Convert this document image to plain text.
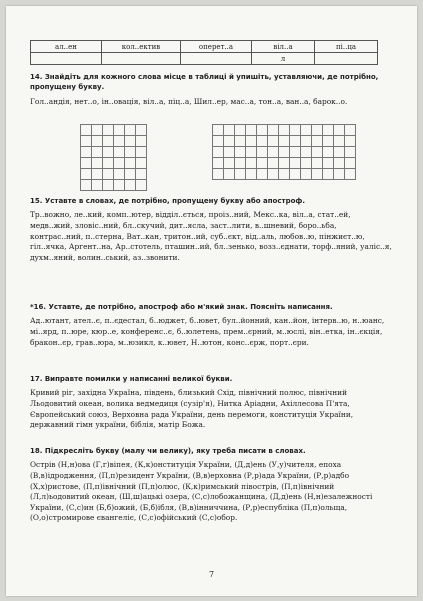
ал..ен	кол..ектив	оперет..а	віл..а	пі..ца
			л	

14. Знайдіть для кожного слова місце в таблиці й упишіть, уставляючи, де потрібно, пропущену букву.

Гол..андія, нет..о, ін..овація, віл..а, піц..а, Шил..ер, мас..а, тон..а, ван..а, барок..о.

15. Уставте в словах, де потрібно, пропущену букву або апостроф.

Тр..вожно, ле..кий, комп..ютер, відділ..ється, проіз..ний, Мекс..ка, віл..а, стат..ей, медв..жий, зловіс..ний, бл..скучий, дит..ясла, заст..лити, в..шневий, боро..ьба, контрас..ний, п..стерна, Ват..кан, тритон..ий, суб..єкт, від..аль, любов..ю, пінжиєт..ю, гіл..ячка, Аргент..на, Ар..стотель, пташин..ий, бл..зенько, возз..єднати, торф..яний, уаліс..я, духм..яний, волин..ський, аз..звонити.

*16. Уставте, де потрібно, апостроф або м'який знак. Поясніть написання.

Ад..ютант, ател..є, п..єдестал, б..юджет, б..ювет, бул..йонний, кан..йон, інтерв..ю, н..юанс, мі..ярд, п..юре, кюр..е, конференс..є, б..юлетень, прем..єрний, м..юслі, він..етка, ін..єкція, бракон..єр, грав..юра, м..юзикл, к..ювет, Н..ютон, конс..єрж, порт..єри.

17. Виправте помилки у написанні великої букви.

Кривий ріг, західна Україна, південь, близький Схід, північний полюс, північний Льодовитий океан, волика ведмедиця (сузір'я), Нитка Аріадни, Ахіллесова П'ята, Європейський союз, Верховна рада України, день перемоги, конституція України, державний гімн україни, біблія, матір Божа.

18. Підкресліть букву (малу чи велику), яку треба писати в словах.

Острів (Н,н)ова (Г,г)віпея, (К,к)онституція України, (Д,д)ень (У,у)чителя, епоха (В,в)ідродження, (П,п)резидент України, (В,в)ерховна (Р,р)ада України, (Р,р)адбо (Х,х)ристове, (П,п)івнічний (П,п)олюс, (К,к)римський півострів, (П,п)івнічний (Л,л)ьодовитий океан, (Ш,ш)ацькі озера, (С,с)лобожанщина, (Д,д)ень (Н,н)езалежності України, (С,с)ин (Б,б)ожий, (Б,б)ібля, (В,в)інниччина, (Р,р)еспубліка (П,п)ольща, (О,о)стромирове євангеліє, (С,с)офійський (С,с)обор.

7
